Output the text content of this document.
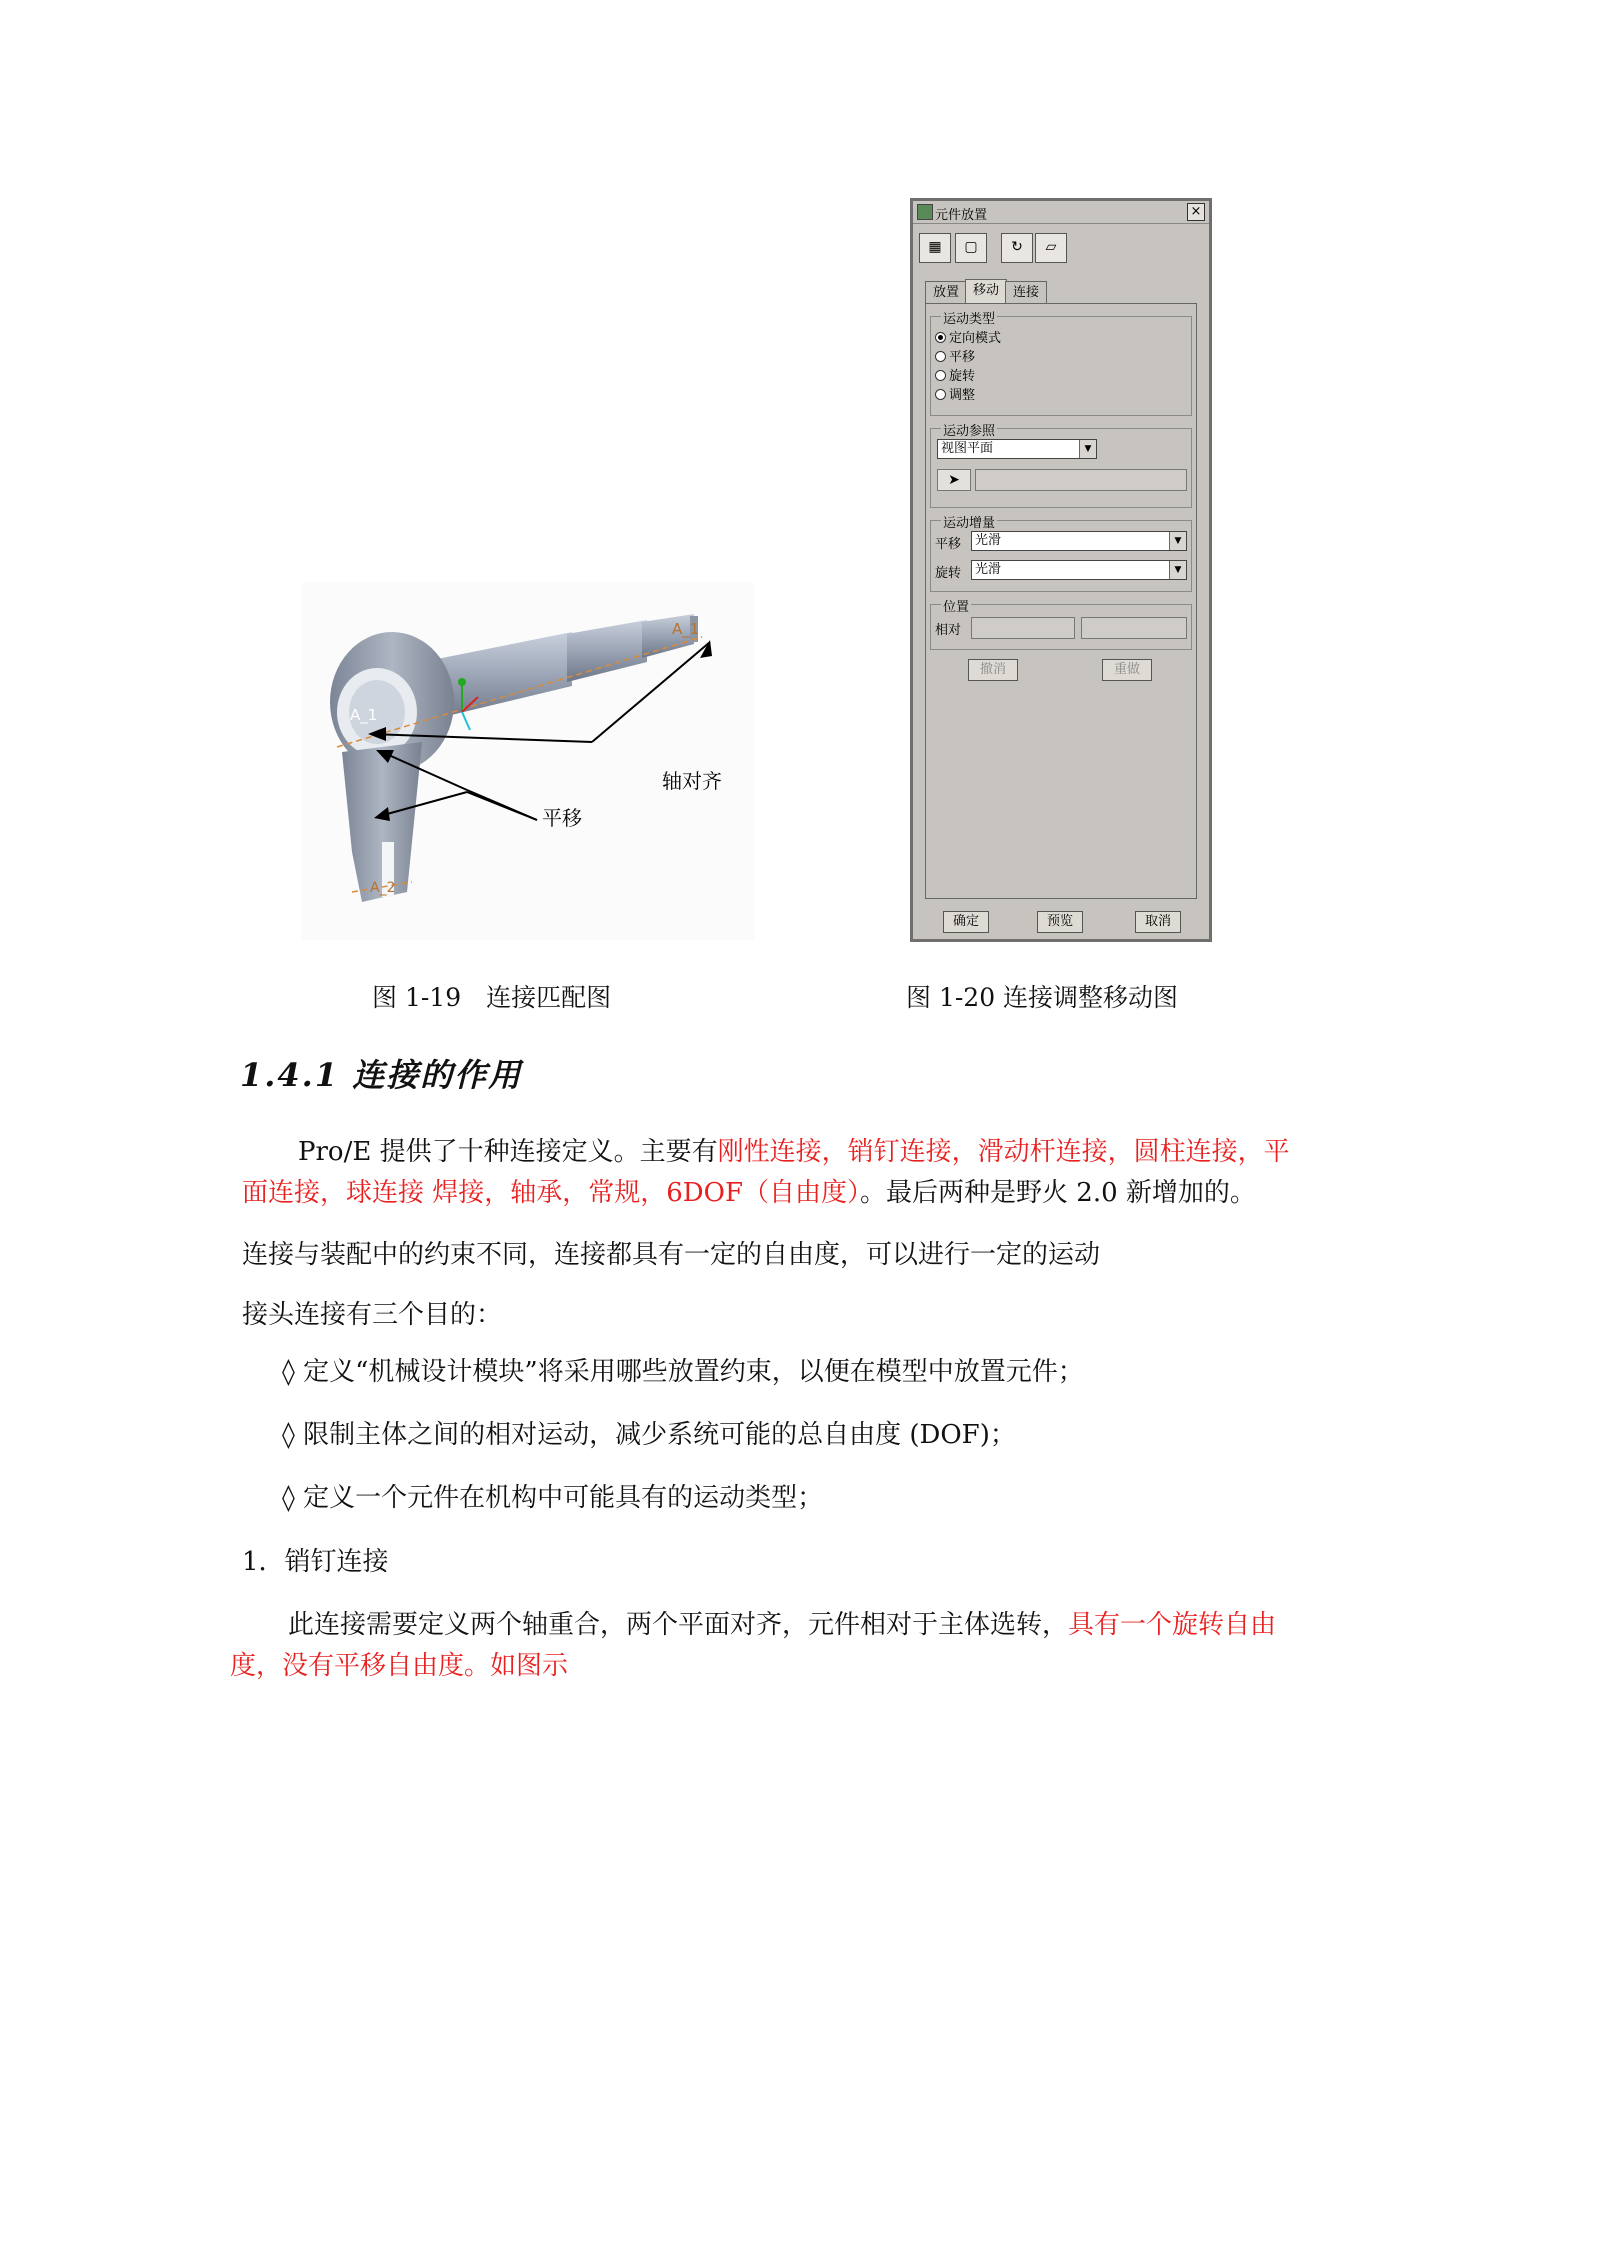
A_1
A_1
A_2
轴对齐
平移
元件放置	×
▦	▢	↻	▱
放置	移动	连接
运动类型
定向模式
平移
旋转
调整
运动参照
视图平面	▼
➤
运动增量
平移	光滑	▼
旋转	光滑	▼
位置
相对
撤消	重做
确定	预览	取消
图 1-19　连接匹配图	图 1-20 连接调整移动图
1.4.1 连接的作用
Pro/E 提供了十种连接定义。主要有刚性连接，销钉连接，滑动杆连接，圆柱连接，平
面连接，球连接 焊接，轴承，常规，6DOF（自由度）。最后两种是野火 2.0 新增加的。
连接与装配中的约束不同，连接都具有一定的自由度，可以进行一定的运动
接头连接有三个目的：
◊ 定义“机械设计模块”将采用哪些放置约束，以便在模型中放置元件；
◊ 限制主体之间的相对运动，减少系统可能的总自由度 (DOF)；
◊ 定义一个元件在机构中可能具有的运动类型；
1．销钉连接
此连接需要定义两个轴重合，两个平面对齐，元件相对于主体选转，具有一个旋转自由
度，没有平移自由度。如图示
